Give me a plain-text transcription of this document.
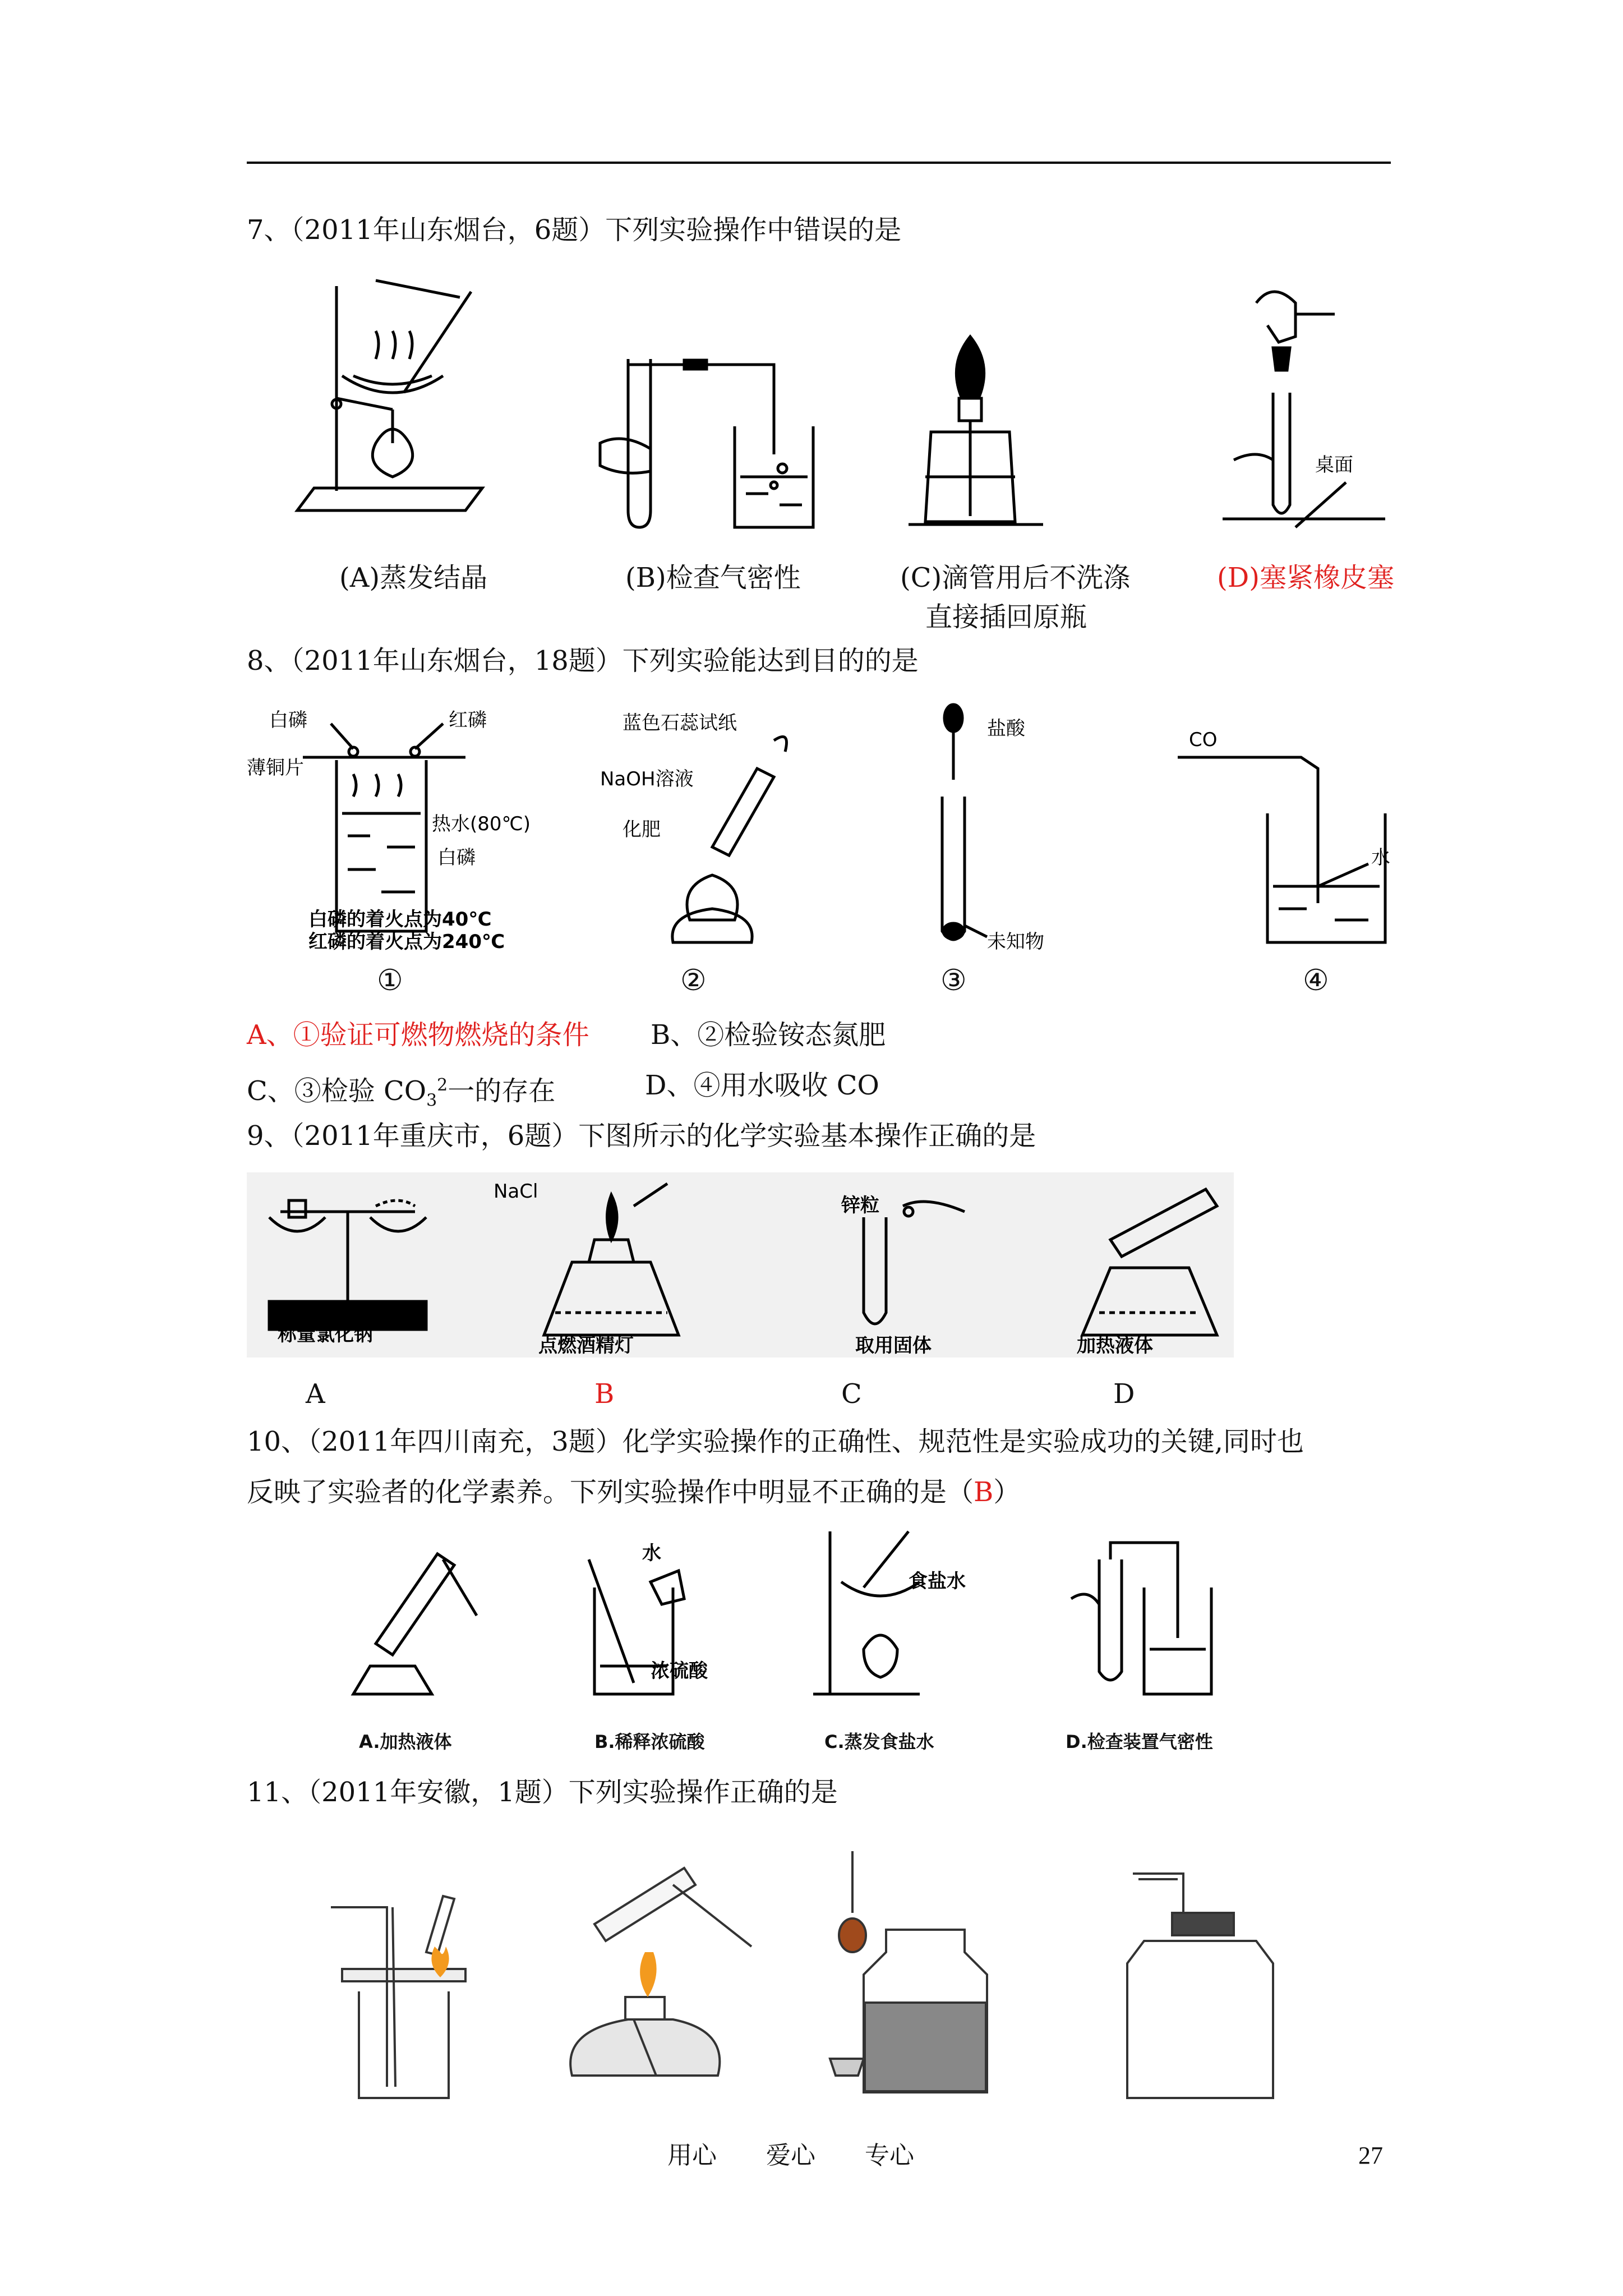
7、（2011年山东烟台，6题）下列实验操作中错误的是
桌面
(A)蒸发结晶	(B)检查气密性	(C)滴管用后不洗涤
直接插回原瓶
(D)塞紧橡皮塞
8、（2011年山东烟台，18题）下列实验能达到目的的是
白磷	红磷
薄铜片
热水(80℃)
白磷
白磷的着火点为40℃
红磷的着火点为240℃
蓝色石蕊试纸
NaOH溶液
化肥
盐酸
未知物
CO
水
①	②	③	④
A、①验证可燃物燃烧的条件 B、②检验铵态氮肥
C、③检验 $CO_3^2$一的存在	D、④用水吸收 CO
9、（2011年重庆市，6题）下图所示的化学实验基本操作正确的是
NaCl
称量氯化钠	点燃酒精灯
锌粒
取用固体	加热液体
A	B	C	D
10、（2011年四川南充，3题）化学实验操作的正确性、规范性是实验成功的关键,同时也
反映了实验者的化学素养。下列实验操作中明显不正确的是（B）
水
浓硫酸
食盐水
A.加热液体	B.稀释浓硫酸	C.蒸发食盐水	D.检查装置气密性
11、（2011年安徽，1题）下列实验操作正确的是
用心　　爱心　　专心	27
